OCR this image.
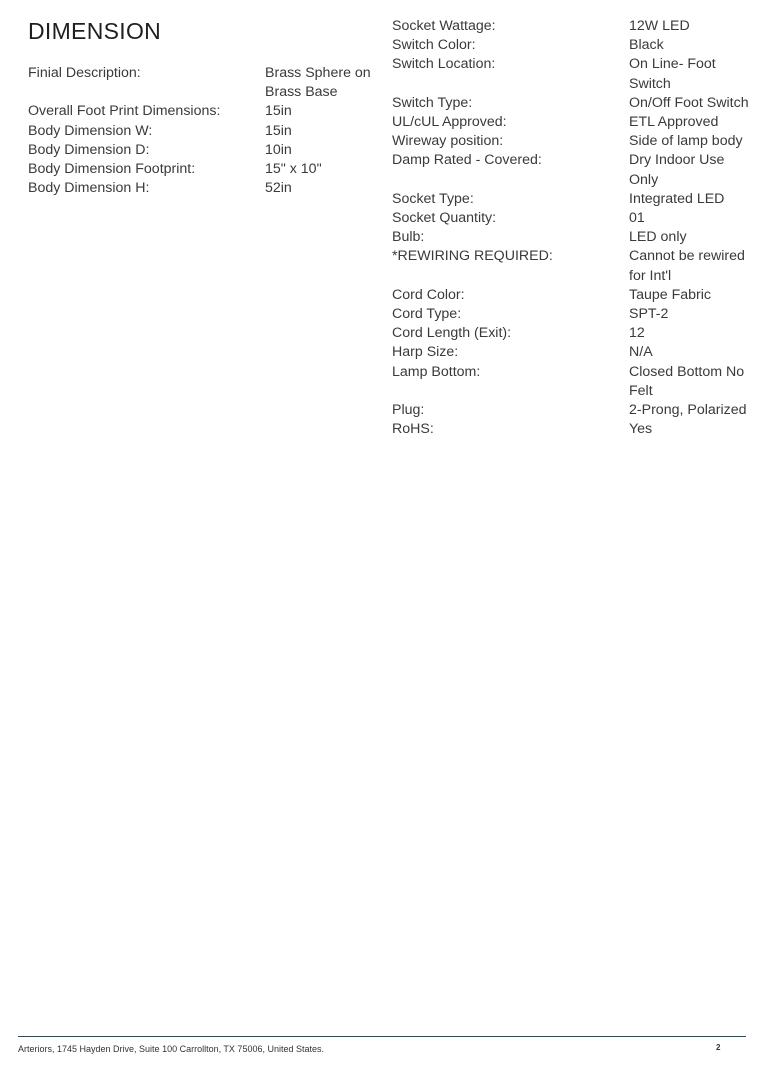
DIMENSION
Finial Description:	Brass Sphere on Brass Base
Overall Foot Print Dimensions:	15in
Body Dimension W:	15in
Body Dimension D:	10in
Body Dimension Footprint:	15" x 10"
Body Dimension H:	52in
Socket Wattage:	12W LED
Switch Color:	Black
Switch Location:	On Line- Foot Switch
Switch Type:	On/Off Foot Switch
UL/cUL Approved:	ETL Approved
Wireway position:	Side of lamp body
Damp Rated - Covered:	Dry Indoor Use Only
Socket Type:	Integrated LED
Socket Quantity:	01
Bulb:	LED only
*REWIRING REQUIRED:	Cannot be rewired for Int'l
Cord Color:	Taupe Fabric
Cord Type:	SPT-2
Cord Length (Exit):	12
Harp Size:	N/A
Lamp Bottom:	Closed Bottom No Felt
Plug:	2-Prong, Polarized
RoHS:	Yes
Arteriors, 1745 Hayden Drive, Suite 100 Carrollton, TX 75006, United States.	2
